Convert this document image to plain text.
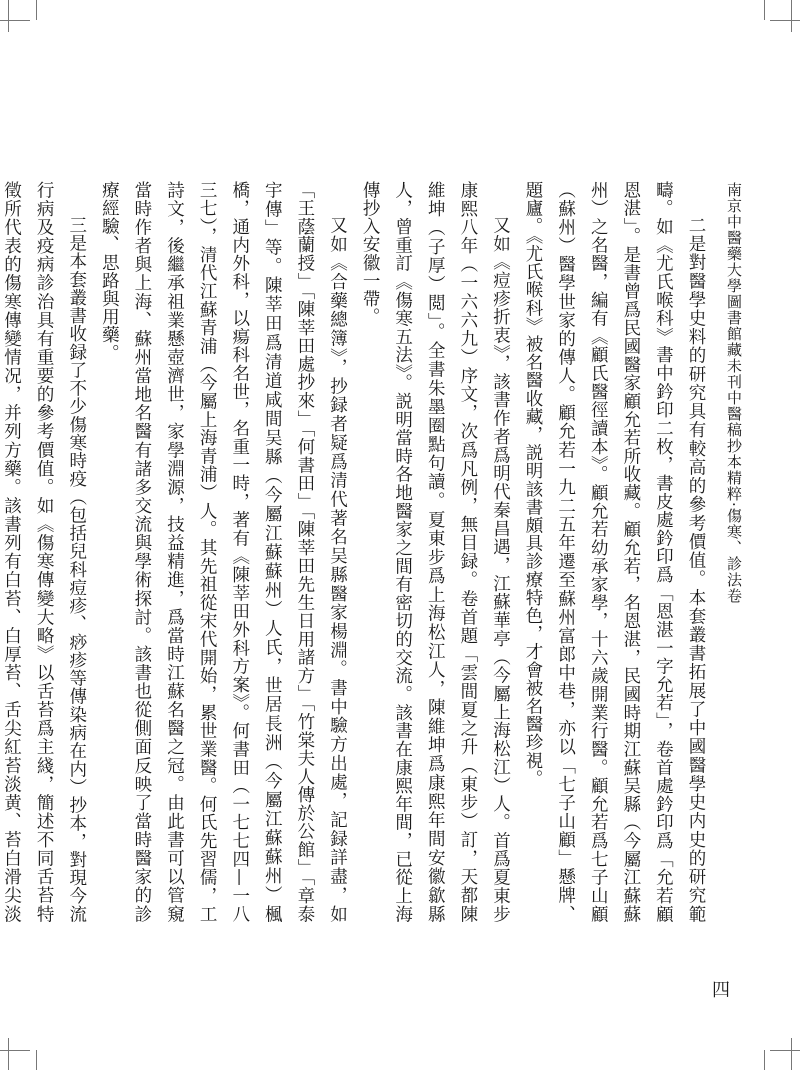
南京中醫藥大學圖書館藏未刊中醫稿抄本精粹·傷寒、診法卷

二是對醫學史料的研究具有較高的參考價值。本套叢書拓展了中國醫學史内史的研究範疇。如《尤氏喉科》書中鈐印二枚，書皮處鈐印爲「恩湛一字允若」，卷首處鈐印爲「允若顧恩湛」。是書曾爲民國醫家顧允若所收藏。顧允若，名恩湛，民國時期江蘇吴縣（今屬江蘇蘇州）之名醫，編有《顧氏醫徑讀本》。顧允若幼承家學，十六歲開業行醫。顧允若爲七子山顧（蘇州）醫學世家的傳人。顧允若一九二五年遷至蘇州富郎中巷，亦以「七子山顧」懸牌、題廬。《尤氏喉科》被名醫收藏，説明該書頗具診療特色，才會被名醫珍視。

又如《痘疹折衷》，該書作者爲明代秦昌遇，江蘇華亭（今屬上海松江）人。首爲夏東步康熙八年（一六六九）序文，次爲凡例，無目録。卷首題「雲間夏之升（東步）訂，天都陳維坤（子厚）閲」。全書朱墨圈點句讀。夏東步爲上海松江人，陳維坤爲康熙年間安徽歙縣人，曾重訂《傷寒五法》。説明當時各地醫家之間有密切的交流。該書在康熙年間，已從上海傳抄入安徽一帶。

又如《合藥總簿》，抄録者疑爲清代著名吴縣醫家楊淵。書中驗方出處，記録詳盡，如「王蔭蘭授」「陳莘田處抄來」「何書田」「陳莘田先生日用諸方」「竹棠夫人傳於公館」「章泰宇傳」等。陳莘田爲清道咸間吴縣（今屬江蘇蘇州）人氏，世居長洲（今屬江蘇蘇州）楓橋，通内外科，以瘍科名世，名重一時，著有《陳莘田外科方案》。何書田（一七七四—一八三七），清代江蘇青浦（今屬上海青浦）人。其先祖從宋代開始，累世業醫。何氏先習儒，工詩文，後繼承祖業懸壺濟世，家學淵源，技益精進，爲當時江蘇名醫之冠。由此書可以管窺當時作者與上海、蘇州當地名醫有諸多交流與學術探討。該書也從側面反映了當時醫家的診療經驗、思路與用藥。

三是本套叢書收録了不少傷寒時疫（包括兒科痘疹、痧疹等傳染病在内）抄本，對現今流行病及疫病診治具有重要的參考價值。如《傷寒傳變大略》以舌苔爲主綫，簡述不同舌苔特徵所代表的傷寒傳變情况，并列方藥。該書列有白苔、白厚苔、舌尖紅苔淡黄、苔白滑尖淡

四
